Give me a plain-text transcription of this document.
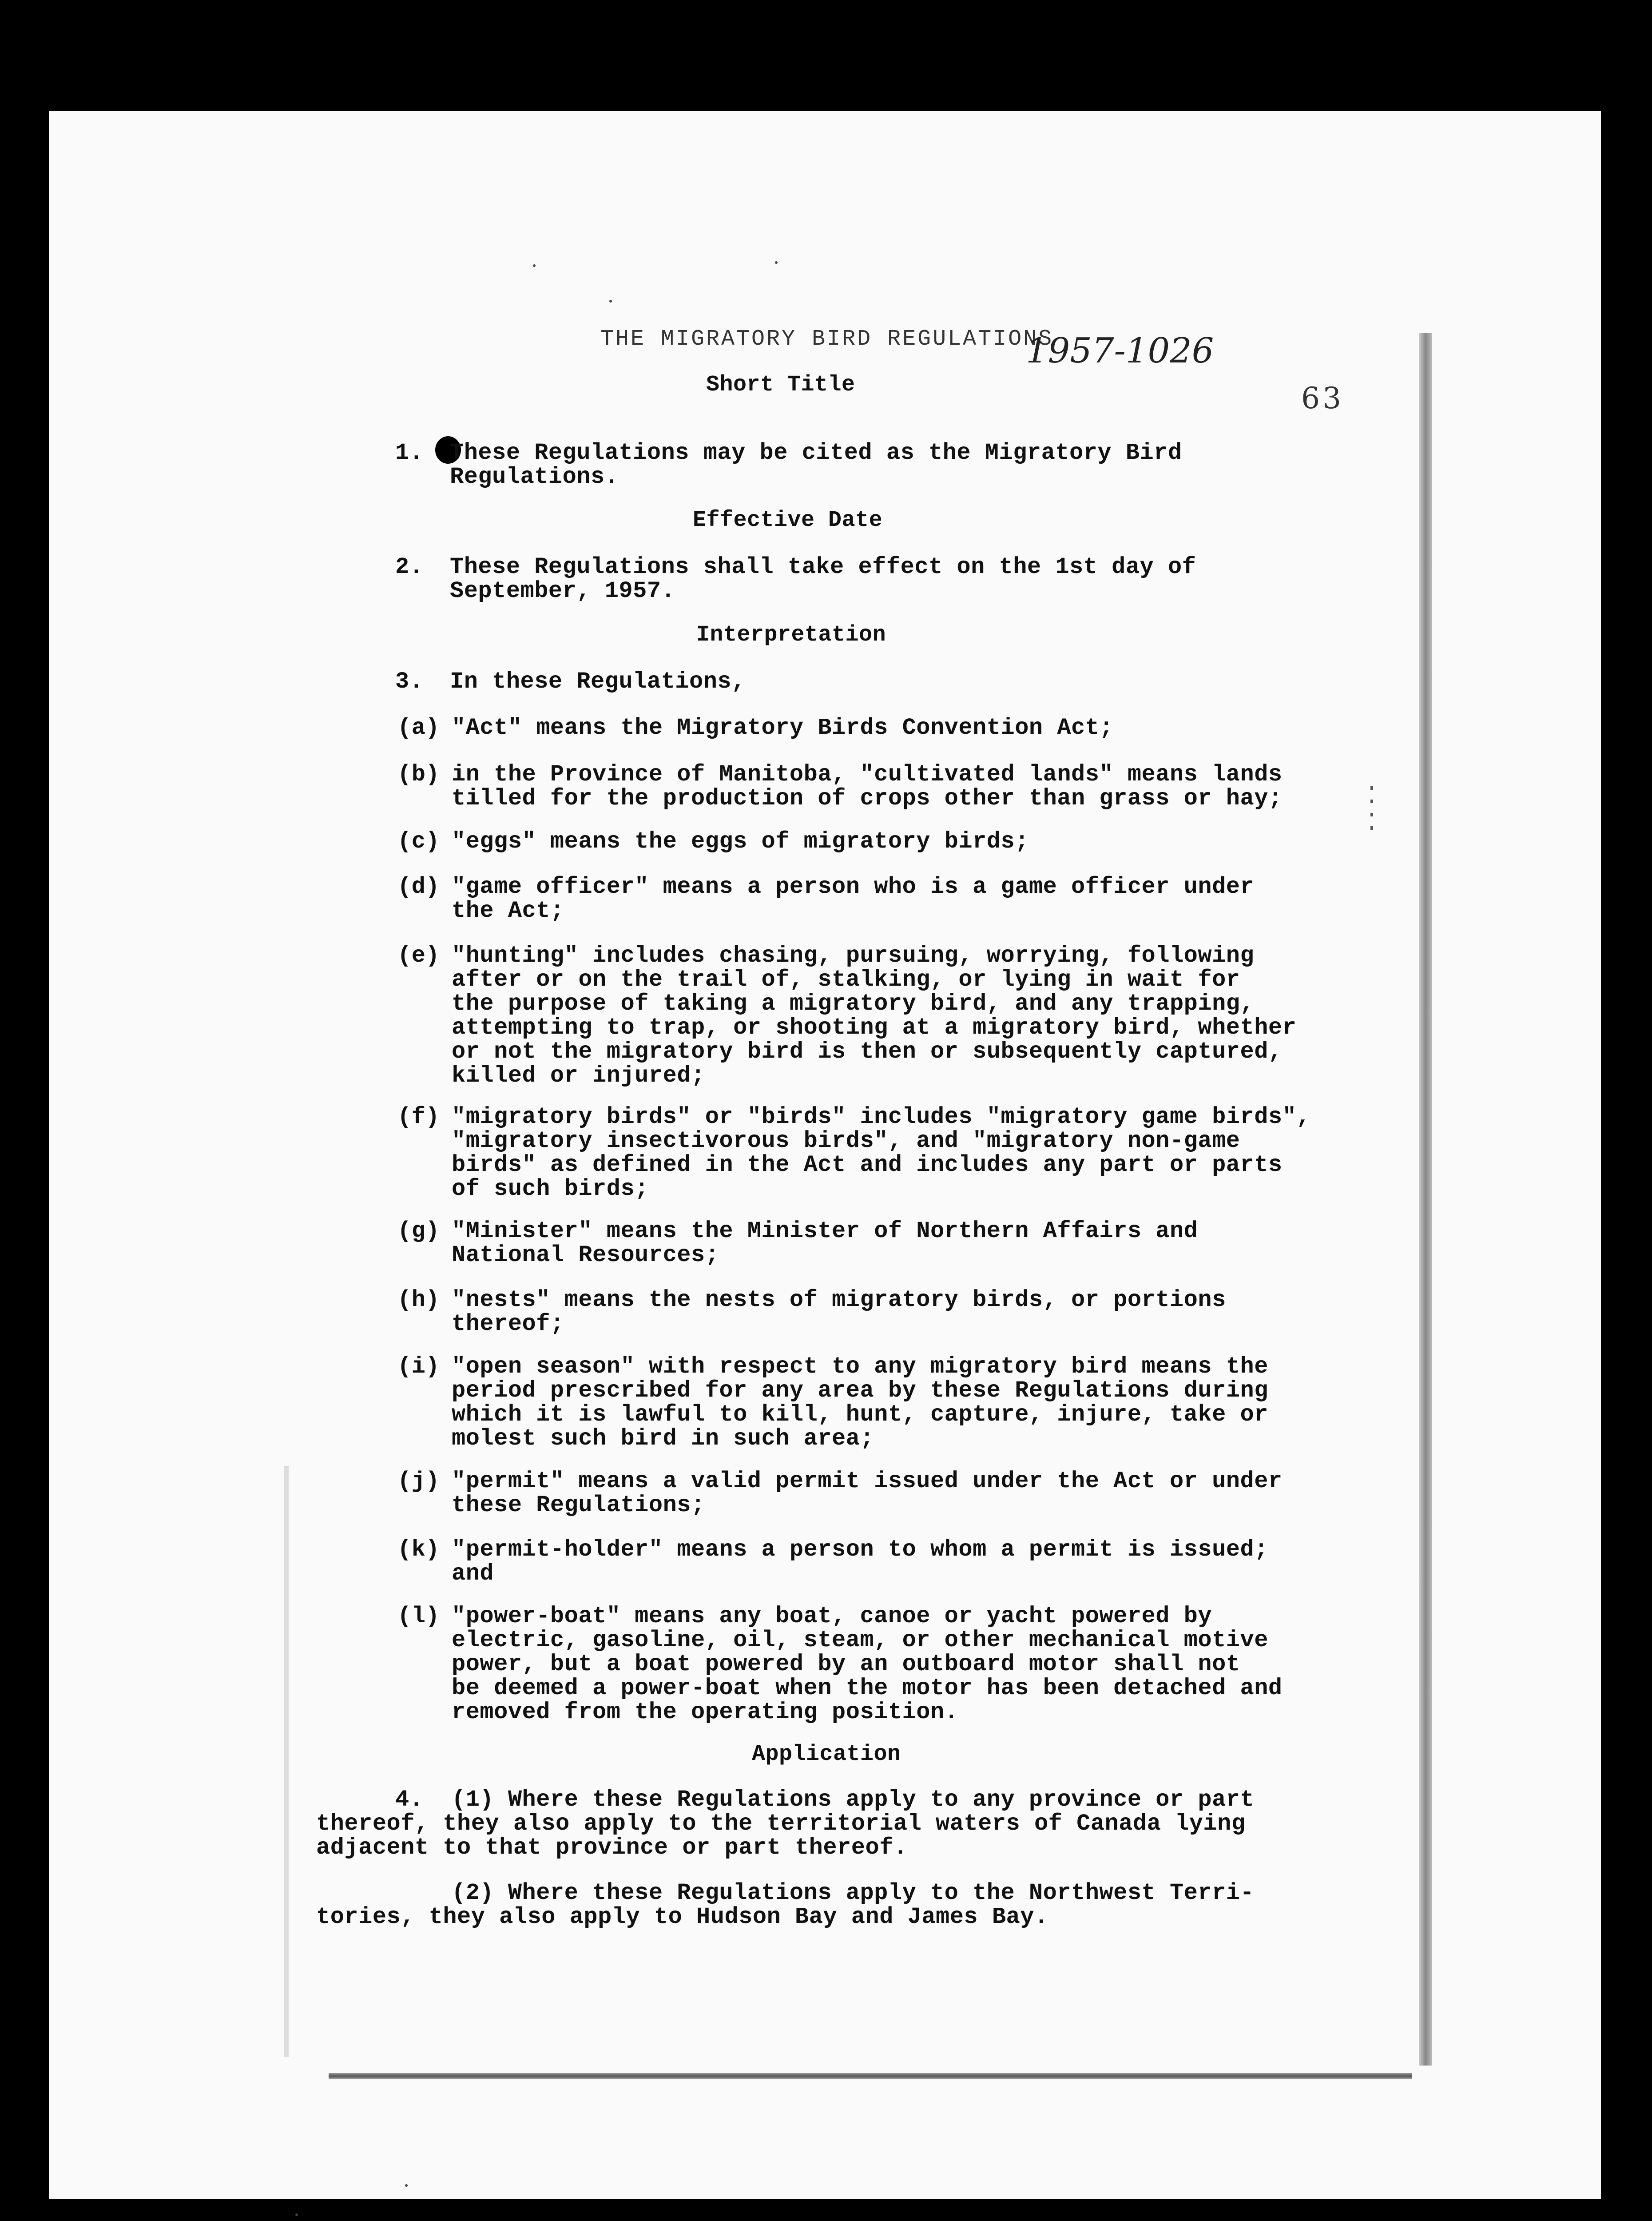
THE MIGRATORY BIRD REGULATIONS
1957-1026
63
Short Title
1. These Regulations may be cited as the Migratory Bird
Regulations.
Effective Date
2. These Regulations shall take effect on the 1st day of
September, 1957.
Interpretation
3. In these Regulations,
(a) "Act" means the Migratory Birds Convention Act;
(b) in the Province of Manitoba, "cultivated lands" means lands
tilled for the production of crops other than grass or hay;
(c) "eggs" means the eggs of migratory birds;
(d) "game officer" means a person who is a game officer under
the Act;
(e) "hunting" includes chasing, pursuing, worrying, following
after or on the trail of, stalking, or lying in wait for
the purpose of taking a migratory bird, and any trapping,
attempting to trap, or shooting at a migratory bird, whether
or not the migratory bird is then or subsequently captured,
killed or injured;
(f) "migratory birds" or "birds" includes "migratory game birds",
"migratory insectivorous birds", and "migratory non-game
birds" as defined in the Act and includes any part or parts
of such birds;
(g) "Minister" means the Minister of Northern Affairs and
National Resources;
(h) "nests" means the nests of migratory birds, or portions
thereof;
(i) "open season" with respect to any migratory bird means the
period prescribed for any area by these Regulations during
which it is lawful to kill, hunt, capture, injure, take or
molest such bird in such area;
(j) "permit" means a valid permit issued under the Act or under
these Regulations;
(k) "permit-holder" means a person to whom a permit is issued;
and
(l) "power-boat" means any boat, canoe or yacht powered by
electric, gasoline, oil, steam, or other mechanical motive
power, but a boat powered by an outboard motor shall not
be deemed a power-boat when the motor has been detached and
removed from the operating position.
Application
4. (1) Where these Regulations apply to any province or part
thereof, they also apply to the territorial waters of Canada lying
adjacent to that province or part thereof.
(2) Where these Regulations apply to the Northwest Terri-
tories, they also apply to Hudson Bay and James Bay.
